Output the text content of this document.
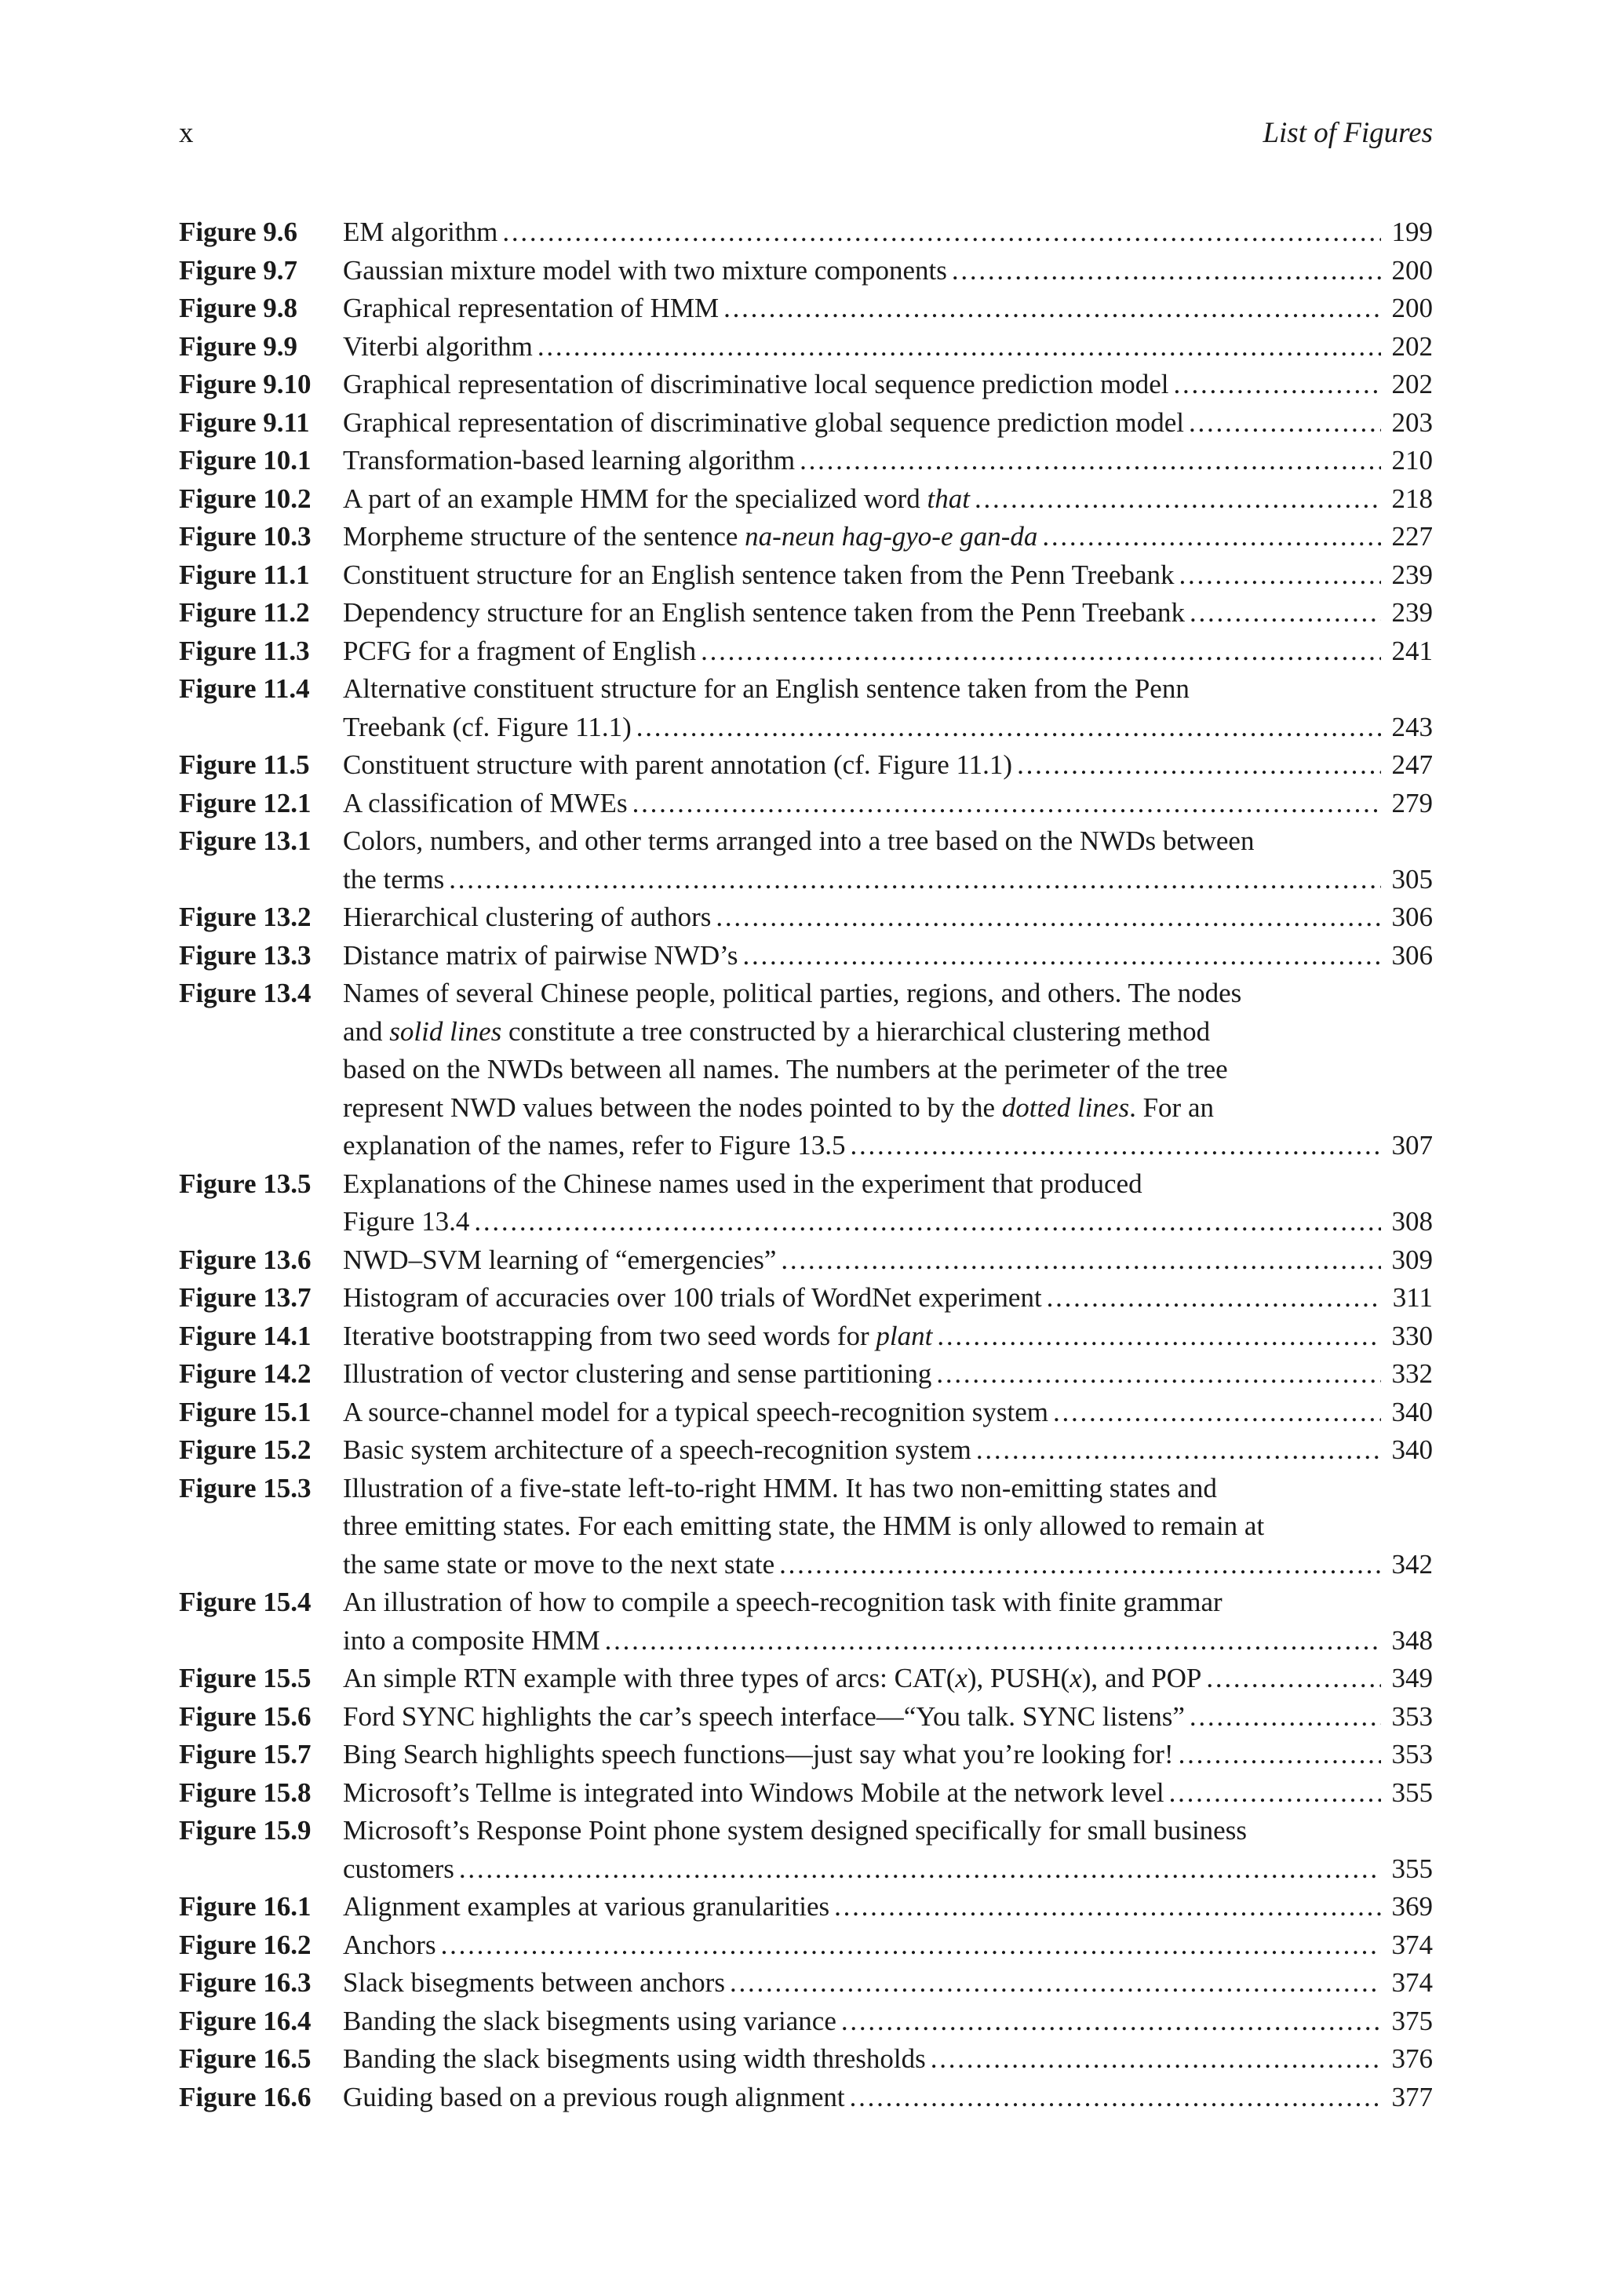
x	List of Figures
Figure 9.6	EM algorithm . . .	199
Figure 9.7	Gaussian mixture model with two mixture components . . .	200
Figure 9.8	Graphical representation of HMM . . .	200
Figure 9.9	Viterbi algorithm . . .	202
Figure 9.10	Graphical representation of discriminative local sequence prediction model . . .	202
Figure 9.11	Graphical representation of discriminative global sequence prediction model . . .	203
Figure 10.1	Transformation-based learning algorithm . . .	210
Figure 10.2	A part of an example HMM for the specialized word that . . .	218
Figure 10.3	Morpheme structure of the sentence na-neun hag-gyo-e gan-da . . .	227
Figure 11.1	Constituent structure for an English sentence taken from the Penn Treebank . . .	239
Figure 11.2	Dependency structure for an English sentence taken from the Penn Treebank . . .	239
Figure 11.3	PCFG for a fragment of English . . .	241
Figure 11.4	Alternative constituent structure for an English sentence taken from the Penn
Treebank (cf. Figure 11.1) . . .	243
Figure 11.5	Constituent structure with parent annotation (cf. Figure 11.1) . . .	247
Figure 12.1	A classification of MWEs . . .	279
Figure 13.1	Colors, numbers, and other terms arranged into a tree based on the NWDs between
the terms . . .	305
Figure 13.2	Hierarchical clustering of authors . . .	306
Figure 13.3	Distance matrix of pairwise NWD’s . . .	306
Figure 13.4	Names of several Chinese people, political parties, regions, and others. The nodes
and solid lines constitute a tree constructed by a hierarchical clustering method
based on the NWDs between all names. The numbers at the perimeter of the tree
represent NWD values between the nodes pointed to by the dotted lines. For an
explanation of the names, refer to Figure 13.5 . . .	307
Figure 13.5	Explanations of the Chinese names used in the experiment that produced
Figure 13.4 . . .	308
Figure 13.6	NWD–SVM learning of “emergencies” . . .	309
Figure 13.7	Histogram of accuracies over 100 trials of WordNet experiment . . .	311
Figure 14.1	Iterative bootstrapping from two seed words for plant . . .	330
Figure 14.2	Illustration of vector clustering and sense partitioning . . .	332
Figure 15.1	A source-channel model for a typical speech-recognition system . . .	340
Figure 15.2	Basic system architecture of a speech-recognition system . . .	340
Figure 15.3	Illustration of a five-state left-to-right HMM. It has two non-emitting states and
three emitting states. For each emitting state, the HMM is only allowed to remain at
the same state or move to the next state . . .	342
Figure 15.4	An illustration of how to compile a speech-recognition task with finite grammar
into a composite HMM . . .	348
Figure 15.5	An simple RTN example with three types of arcs: CAT(x), PUSH(x), and POP . . .	349
Figure 15.6	Ford SYNC highlights the car’s speech interface—“You talk. SYNC listens” . . .	353
Figure 15.7	Bing Search highlights speech functions—just say what you’re looking for! . . .	353
Figure 15.8	Microsoft’s Tellme is integrated into Windows Mobile at the network level . . .	355
Figure 15.9	Microsoft’s Response Point phone system designed specifically for small business
customers . . .	355
Figure 16.1	Alignment examples at various granularities . . .	369
Figure 16.2	Anchors . . .	374
Figure 16.3	Slack bisegments between anchors . . .	374
Figure 16.4	Banding the slack bisegments using variance . . .	375
Figure 16.5	Banding the slack bisegments using width thresholds . . .	376
Figure 16.6	Guiding based on a previous rough alignment . . .	377
